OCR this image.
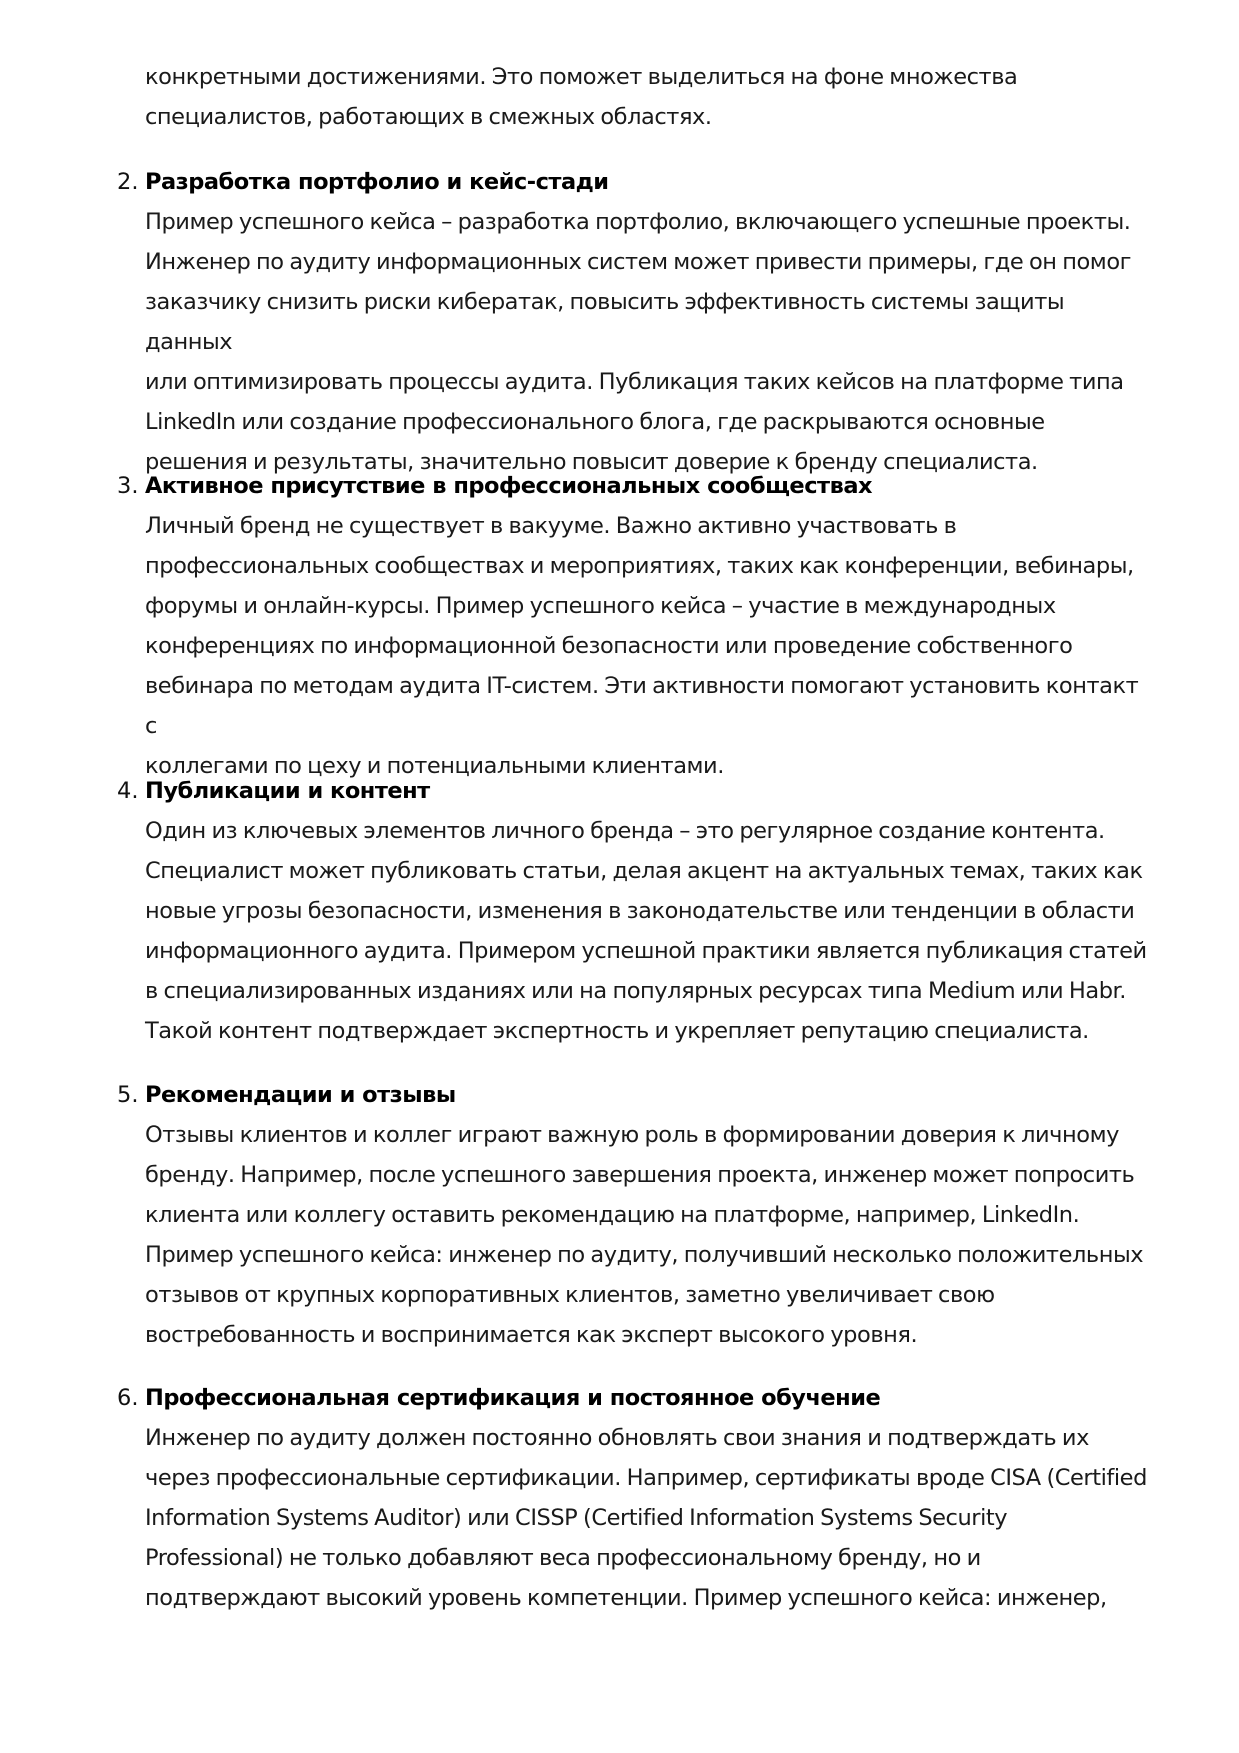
конкретными достижениями. Это поможет выделиться на фоне множества

специалистов, работающих в смежных областях.

2. Разработка портфолио и кейс-стади

Пример успешного кейса – разработка портфолио, включающего успешные проекты.

Инженер по аудиту информационных систем может привести примеры, где он помог

заказчику снизить риски кибератак, повысить эффективность системы защиты данных

или оптимизировать процессы аудита. Публикация таких кейсов на платформе типа

LinkedIn или создание профессионального блога, где раскрываются основные

решения и результаты, значительно повысит доверие к бренду специалиста.

3. Активное присутствие в профессиональных сообществах

Личный бренд не существует в вакууме. Важно активно участвовать в

профессиональных сообществах и мероприятиях, таких как конференции, вебинары,

форумы и онлайн-курсы. Пример успешного кейса – участие в международных

конференциях по информационной безопасности или проведение собственного

вебинара по методам аудита IT-систем. Эти активности помогают установить контакт с

коллегами по цеху и потенциальными клиентами.

4. Публикации и контент

Один из ключевых элементов личного бренда – это регулярное создание контента.

Специалист может публиковать статьи, делая акцент на актуальных темах, таких как

новые угрозы безопасности, изменения в законодательстве или тенденции в области

информационного аудита. Примером успешной практики является публикация статей

в специализированных изданиях или на популярных ресурсах типа Medium или Habr.

Такой контент подтверждает экспертность и укрепляет репутацию специалиста.

5. Рекомендации и отзывы

Отзывы клиентов и коллег играют важную роль в формировании доверия к личному

бренду. Например, после успешного завершения проекта, инженер может попросить

клиента или коллегу оставить рекомендацию на платформе, например, LinkedIn.

Пример успешного кейса: инженер по аудиту, получивший несколько положительных

отзывов от крупных корпоративных клиентов, заметно увеличивает свою

востребованность и воспринимается как эксперт высокого уровня.

6. Профессиональная сертификация и постоянное обучение

Инженер по аудиту должен постоянно обновлять свои знания и подтверждать их

через профессиональные сертификации. Например, сертификаты вроде CISA (Certified

Information Systems Auditor) или CISSP (Certified Information Systems Security

Professional) не только добавляют веса профессиональному бренду, но и

подтверждают высокий уровень компетенции. Пример успешного кейса: инженер,
